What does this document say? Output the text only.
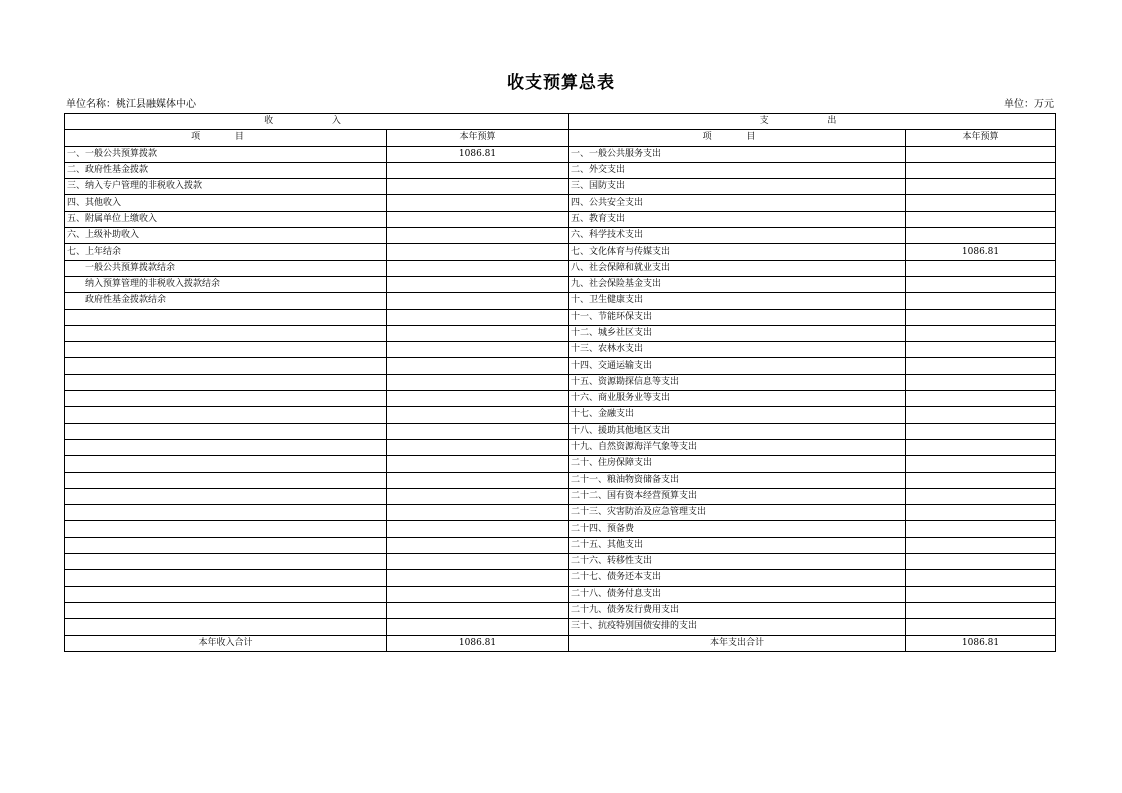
收支预算总表
单位名称：桃江县融媒体中心	单位：万元
收 入		支 出	
项 目	本年预算	项 目	本年预算
一、一般公共预算拨款	1086.81	一、一般公共服务支出	
二、政府性基金拨款		二、外交支出	
三、纳入专户管理的非税收入拨款		三、国防支出	
四、其他收入		四、公共安全支出	
五、附属单位上缴收入		五、教育支出	
六、上级补助收入		六、科学技术支出	
七、上年结余		七、文化体育与传媒支出	1086.81
一般公共预算拨款结余		八、社会保障和就业支出	
纳入预算管理的非税收入拨款结余		九、社会保险基金支出	
政府性基金拨款结余		十、卫生健康支出	
		十一、节能环保支出	
		十二、城乡社区支出	
		十三、农林水支出	
		十四、交通运输支出	
		十五、资源勘探信息等支出	
		十六、商业服务业等支出	
		十七、金融支出	
		十八、援助其他地区支出	
		十九、自然资源海洋气象等支出	
		二十、住房保障支出	
		二十一、粮油物资储备支出	
		二十二、国有资本经营预算支出	
		二十三、灾害防治及应急管理支出	
		二十四、预备费	
		二十五、其他支出	
		二十六、转移性支出	
		二十七、债务还本支出	
		二十八、债务付息支出	
		二十九、债务发行费用支出	
		三十、抗疫特别国债安排的支出	
本年收入合计	1086.81	本年支出合计	1086.81
